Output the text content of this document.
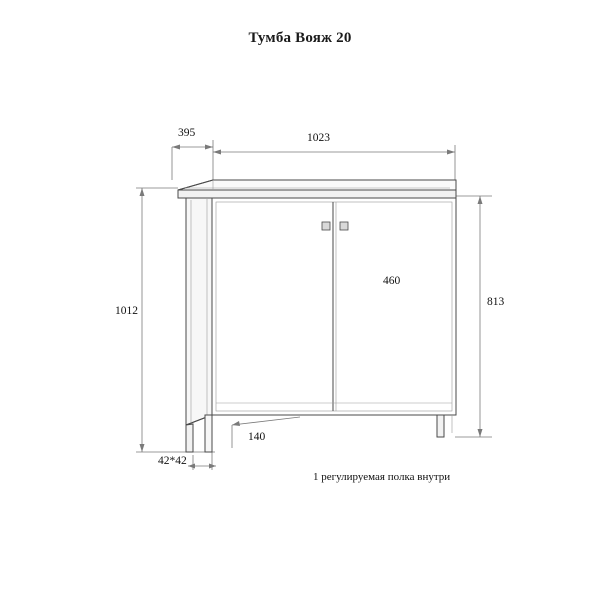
Тумба Вояж 20
395	1023
1012
813
460
140
42*42
1 регулируемая полка внутри
